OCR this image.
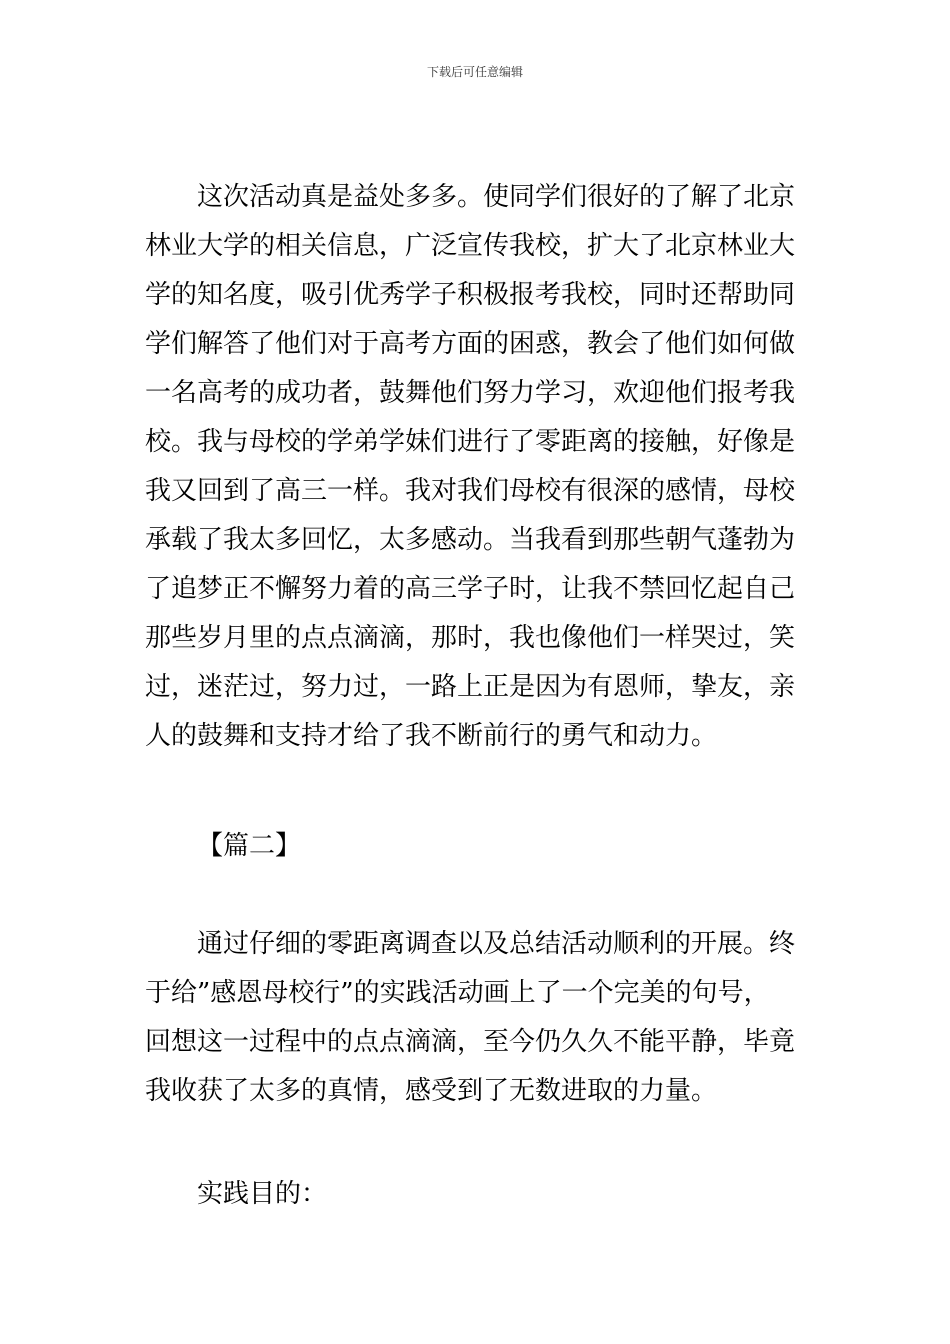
下载后可任意编辑
这次活动真是益处多多。使同学们很好的了解了北京
林业大学的相关信息，广泛宣传我校，扩大了北京林业大
学的知名度，吸引优秀学子积极报考我校，同时还帮助同
学们解答了他们对于高考方面的困惑，教会了他们如何做
一名高考的成功者，鼓舞他们努力学习，欢迎他们报考我
校。我与母校的学弟学妹们进行了零距离的接触，好像是
我又回到了高三一样。我对我们母校有很深的感情，母校
承载了我太多回忆，太多感动。当我看到那些朝气蓬勃为
了追梦正不懈努力着的高三学子时，让我不禁回忆起自己
那些岁月里的点点滴滴，那时，我也像他们一样哭过，笑
过，迷茫过，努力过，一路上正是因为有恩师，挚友，亲
人的鼓舞和支持才给了我不断前行的勇气和动力。
【篇二】
通过仔细的零距离调查以及总结活动顺利的开展。终
于给”感恩母校行”的实践活动画上了一个完美的句号，
回想这一过程中的点点滴滴，至今仍久久不能平静，毕竟
我收获了太多的真情，感受到了无数进取的力量。
实践目的：
